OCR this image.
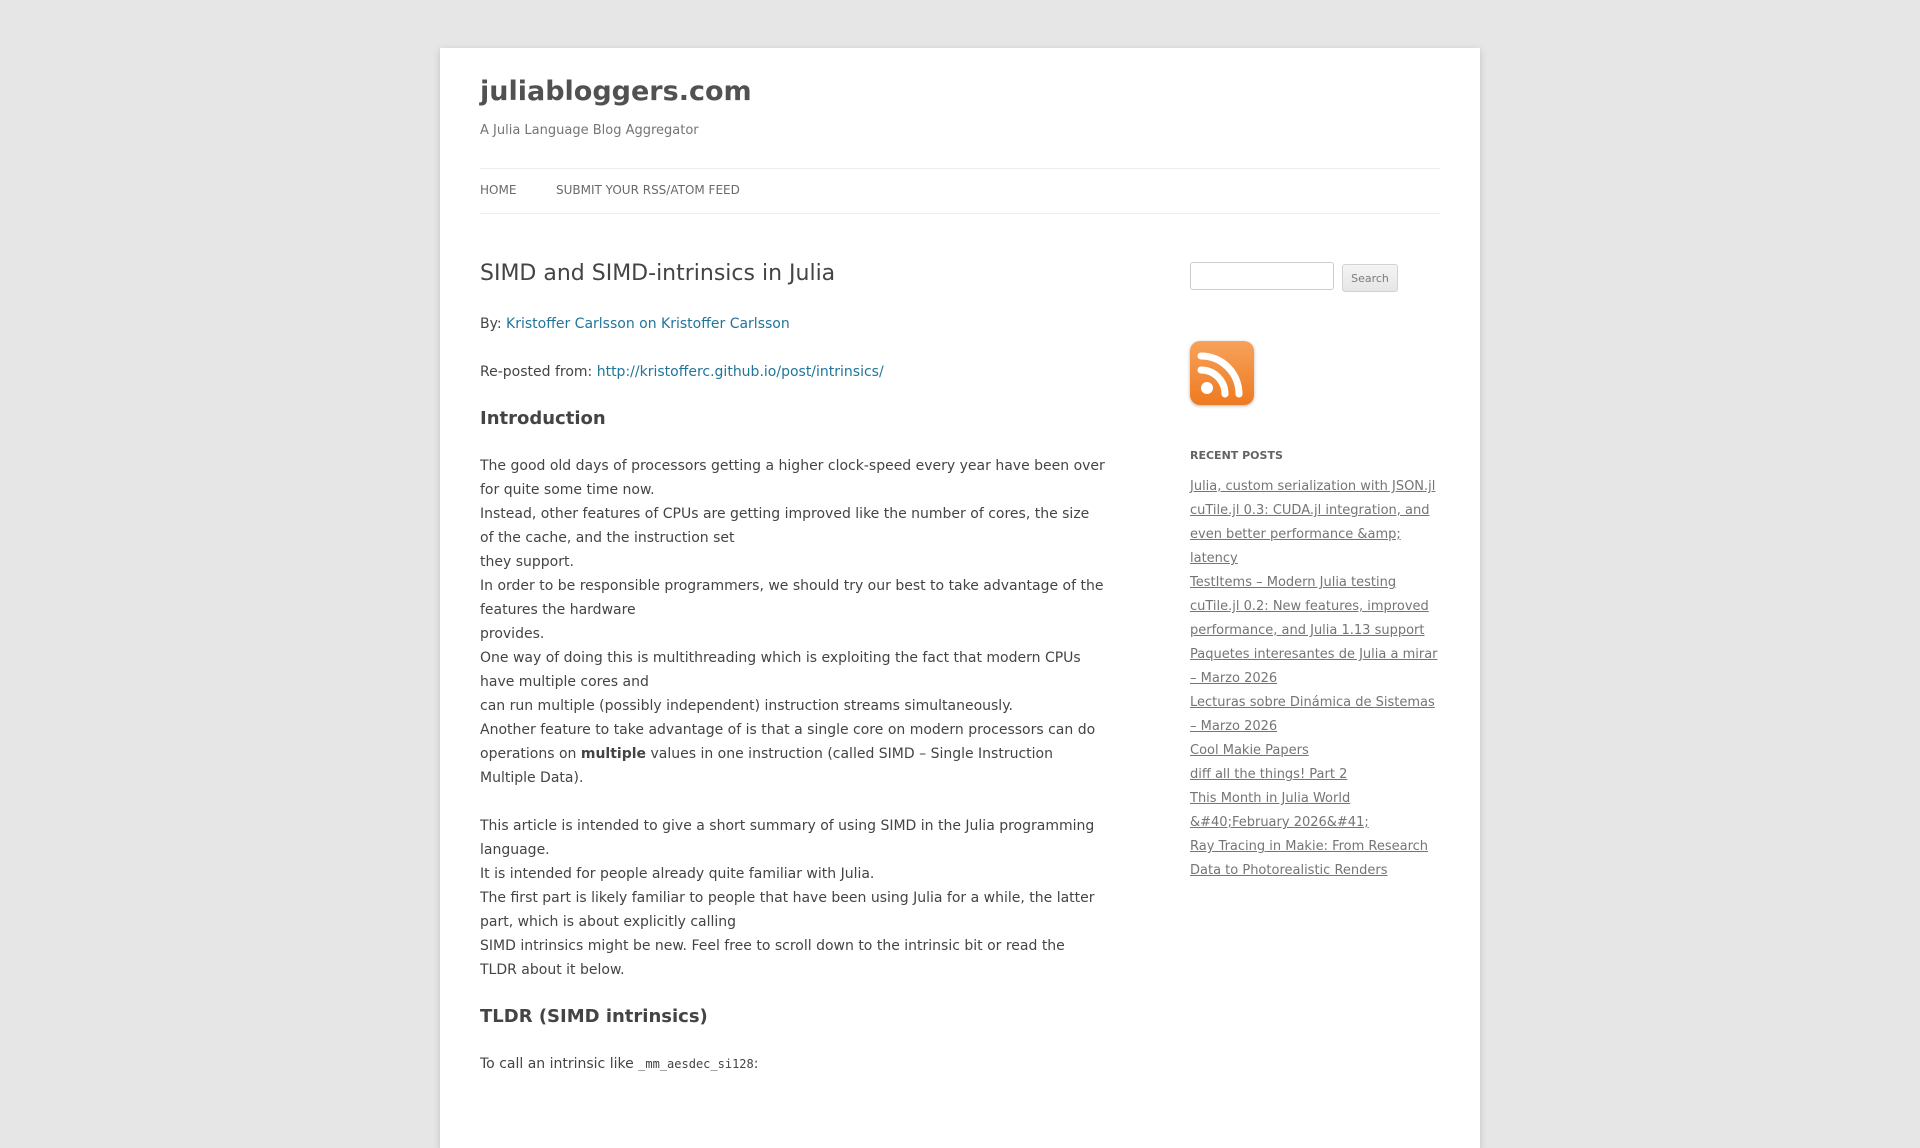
juliabloggers.com
A Julia Language Blog Aggregator
HOME	SUBMIT YOUR RSS/ATOM FEED
SIMD and SIMD-intrinsics in Julia

By: Kristoffer Carlsson on Kristoffer Carlsson

Re-posted from: http://kristofferc.github.io/post/intrinsics/

Introduction

The good old days of processors getting a higher clock-speed every year have been over for quite some time now.

Instead, other features of CPUs are getting improved like the number of cores, the size of the cache, and the instruction set

they support.

In order to be responsible programmers, we should try our best to take advantage of the features the hardware

provides.

One way of doing this is multithreading which is exploiting the fact that modern CPUs have multiple cores and

can run multiple (possibly independent) instruction streams simultaneously.

Another feature to take advantage of is that a single core on modern processors can do operations on multiple values in one instruction (called SIMD – Single Instruction Multiple Data).

This article is intended to give a short summary of using SIMD in the Julia programming language.

It is intended for people already quite familiar with Julia.

The first part is likely familiar to people that have been using Julia for a while, the latter part, which is about explicitly calling

SIMD intrinsics might be new. Feel free to scroll down to the intrinsic bit or read the TLDR about it below.

TLDR (SIMD intrinsics)

To call an intrinsic like _mm_aesdec_si128:

Search
RECENT POSTS
Julia, custom serialization with JSON.jl
cuTile.jl 0.3: CUDA.jl integration, and even better performance &amp; latency
TestItems – Modern Julia testing
cuTile.jl 0.2: New features, improved performance, and Julia 1.13 support
Paquetes interesantes de Julia a mirar – Marzo 2026
Lecturas sobre Dinámica de Sistemas – Marzo 2026
Cool Makie Papers
diff all the things! Part 2
This Month in Julia World &#40;February 2026&#41;
Ray Tracing in Makie: From Research Data to Photorealistic Renders
